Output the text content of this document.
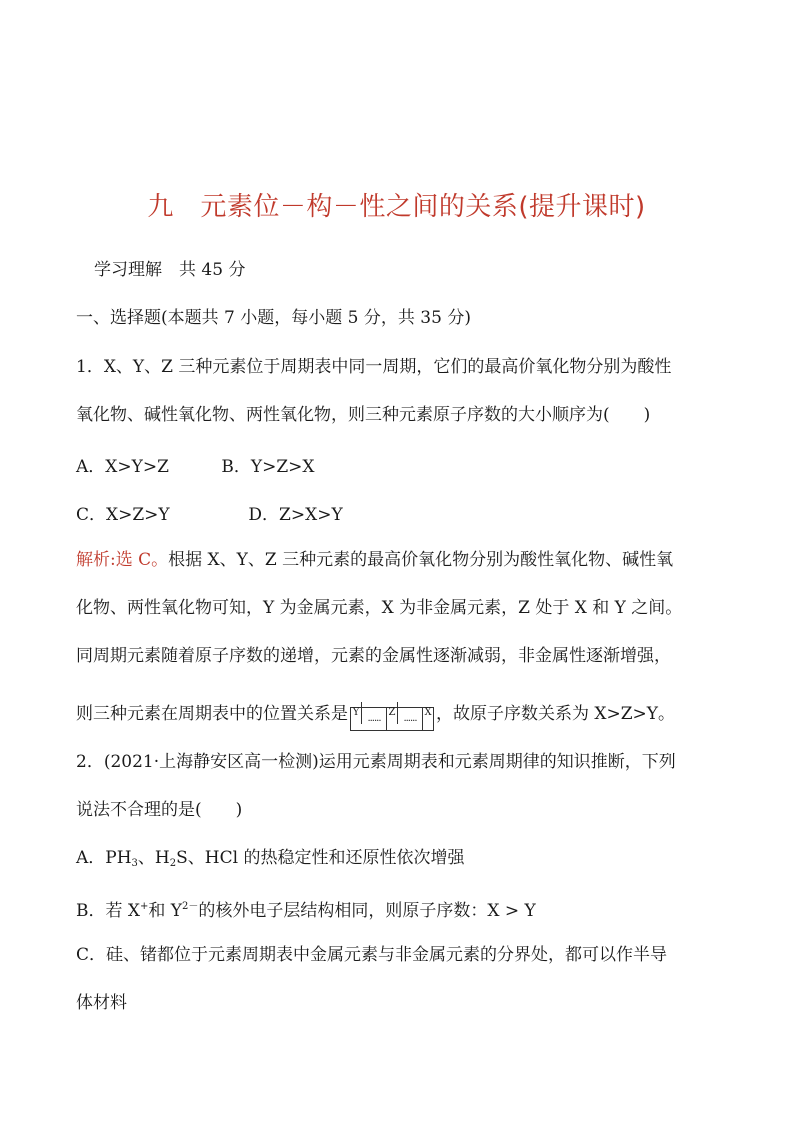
九　元素位－构－性之间的关系(提升课时)
学习理解　共 45 分
一、选择题(本题共 7 小题，每小题 5 分，共 35 分)
1．X、Y、Z 三种元素位于周期表中同一周期，它们的最高价氧化物分别为酸性
氧化物、碱性氧化物、两性氧化物，则三种元素原子序数的大小顺序为(　　)
A．X>Y>Z	B．Y>Z>X
C．X>Z>Y	D．Z>X>Y
解析:选 C。根据 X、Y、Z 三种元素的最高价氧化物分别为酸性氧化物、碱性氧
化物、两性氧化物可知，Y 为金属元素，X 为非金属元素，Z 处于 X 和 Y 之间。
同周期元素随着原子序数的递增，元素的金属性逐渐减弱，非金属性逐渐增强，
则三种元素在周期表中的位置关系是 Y
......
Z
......
X ，故原子序数关系为 X>Z>Y。
2．(2021·上海静安区高一检测)运用元素周期表和元素周期律的知识推断，下列
说法不合理的是(　　)
A．$PH_3$、$H_2S$、HCl 的热稳定性和还原性依次增强
B．若 X+和 $Y^{2-}$的核外电子层结构相同，则原子序数：X > Y
C．硅、锗都位于元素周期表中金属元素与非金属元素的分界处，都可以作半导
体材料
